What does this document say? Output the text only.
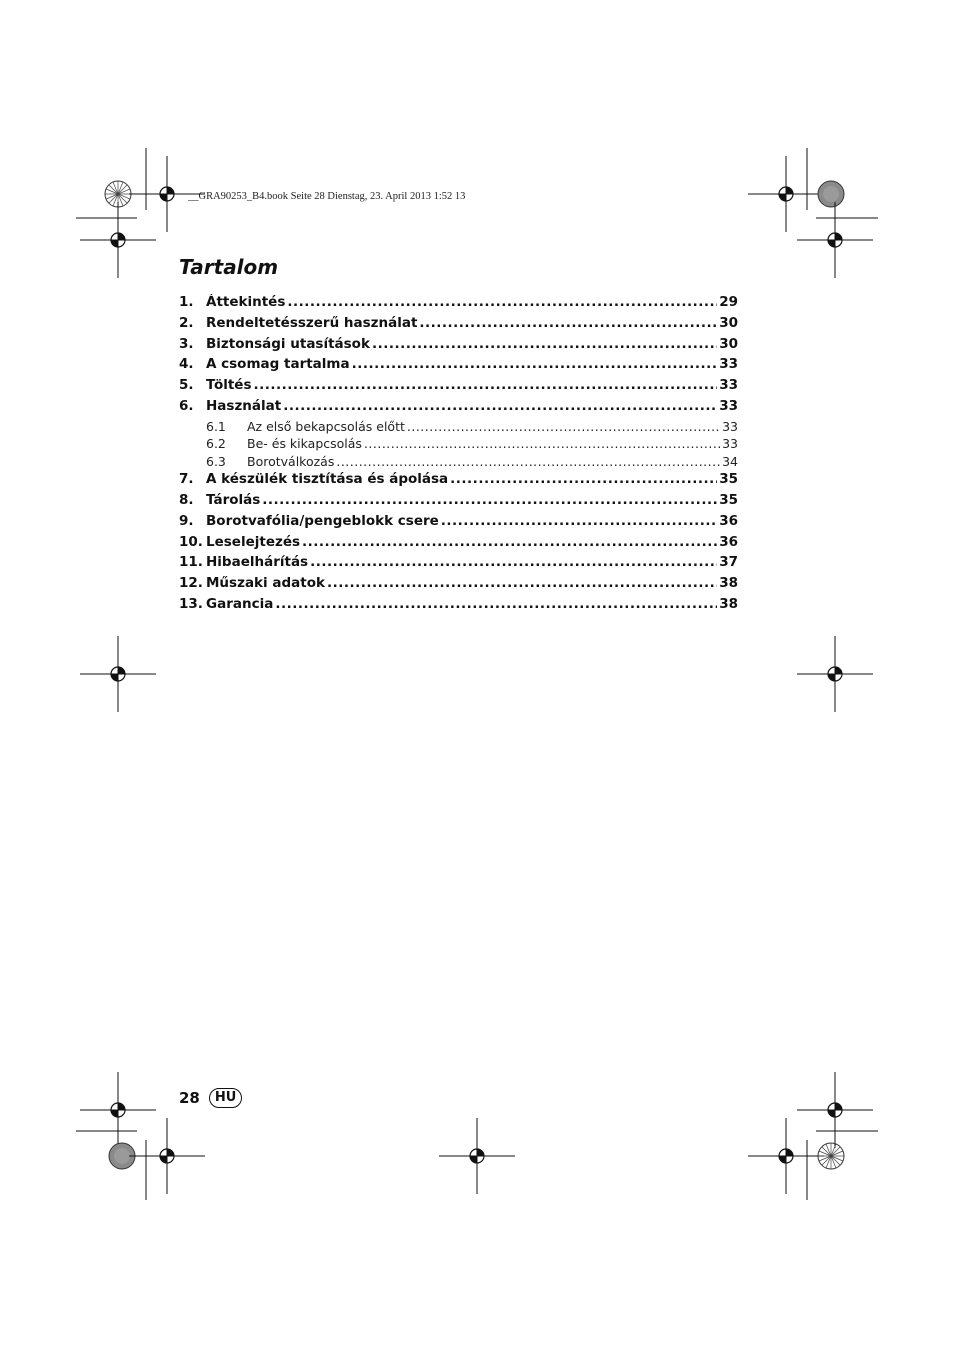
__GRA90253_B4.book Seite 28 Dienstag, 23. April 2013 1:52 13
Tartalom
1. Áttekintés .....	29
2. Rendeltetésszerű használat .....	30
3. Biztonsági utasítások .....	30
4. A csomag tartalma .....	33
5. Töltés .....	33
6. Használat .....	33
6.1	Az első bekapcsolás előtt .....	33
6.2	Be- és kikapcsolás .....	33
6.3	Borotválkozás .....	34
7. A készülék tisztítása és ápolása .....	35
8. Tárolás .....	35
9. Borotvafólia/pengeblokk csere .....	36
10. Leselejtezés .....	36
11. Hibaelhárítás .....	37
12. Műszaki adatok .....	38
13. Garancia .....	38
28	HU
